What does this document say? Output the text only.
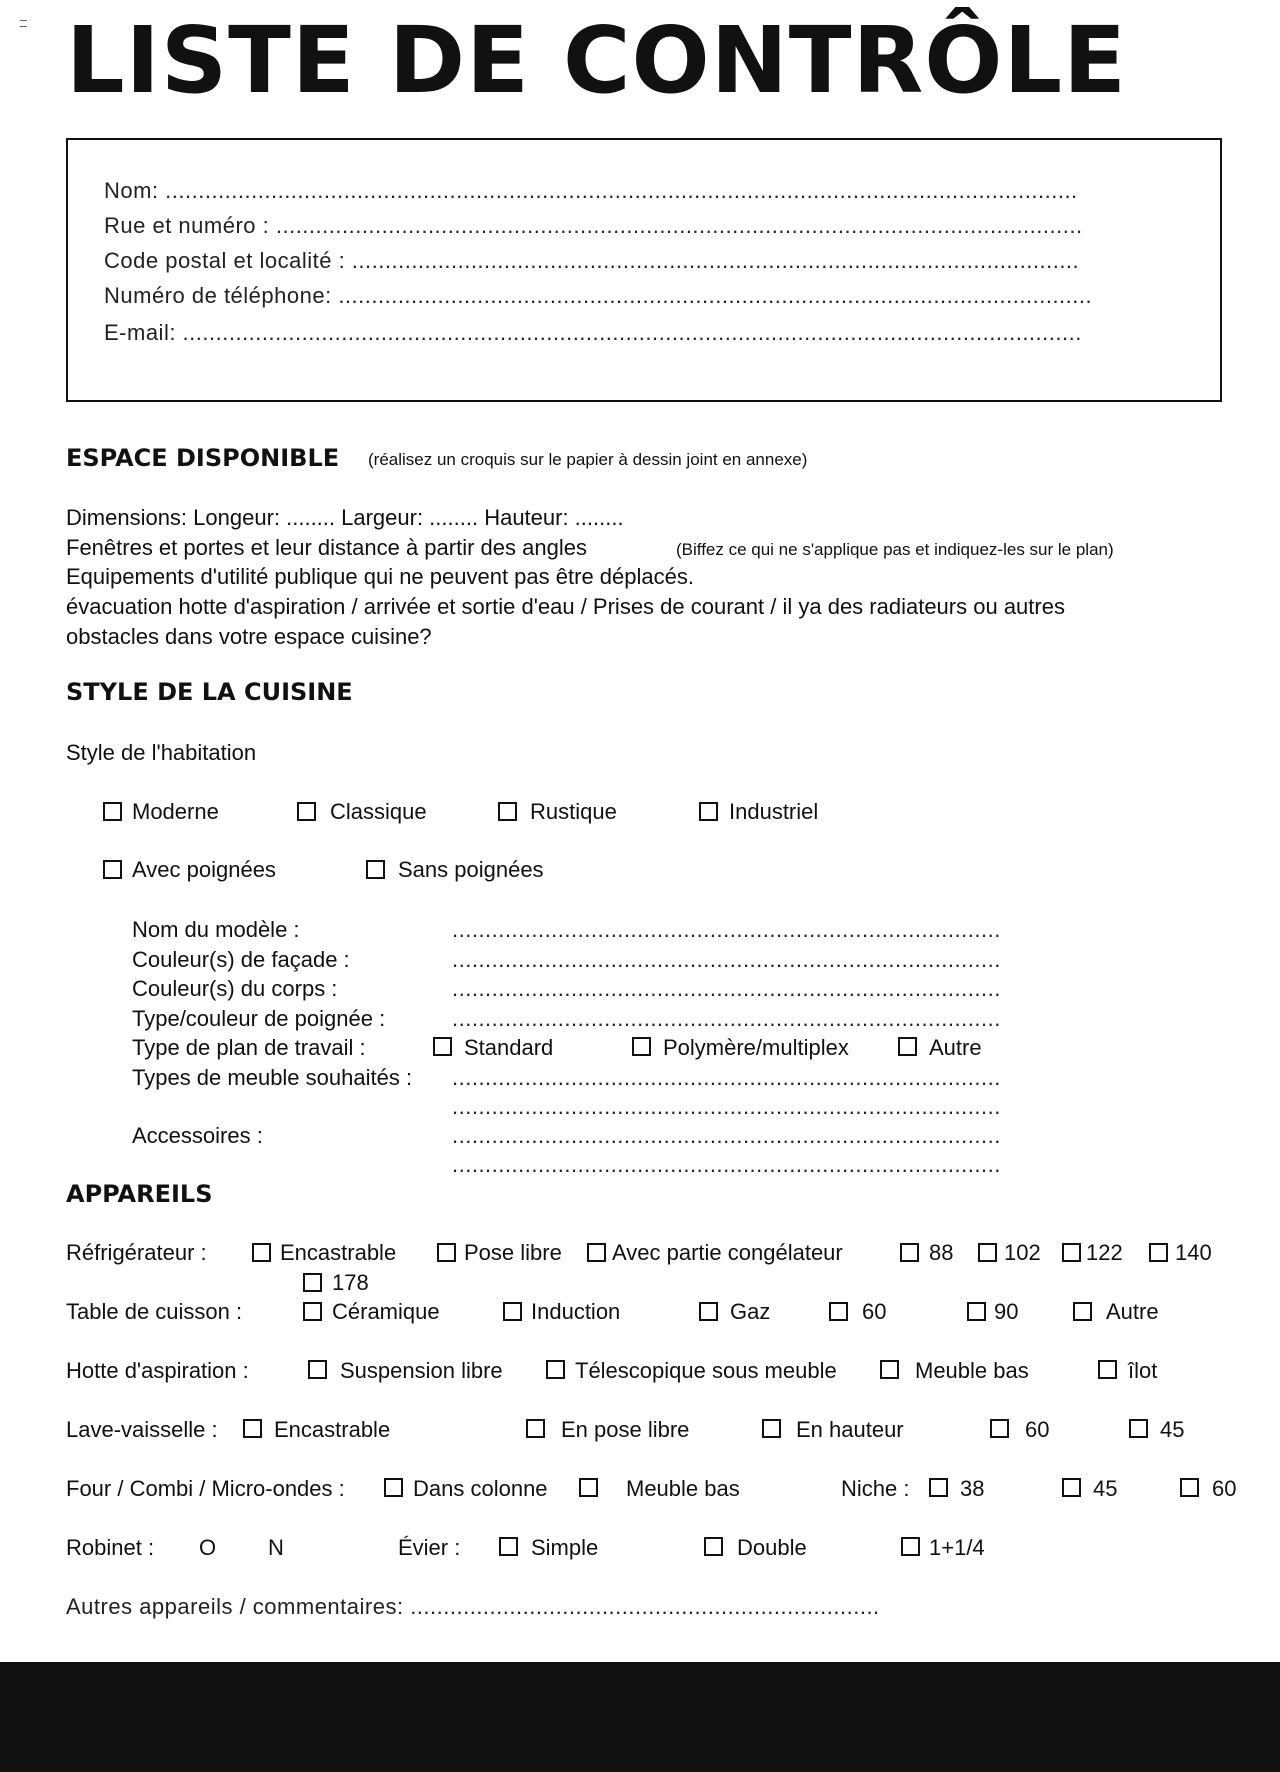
LISTE DE CONTRÔLE
Nom: ..........................................................................................................................................
Rue et numéro : ..........................................................................................................................
Code postal et localité : ..............................................................................................................
Numéro de téléphone: ..................................................................................................................
E-mail: ........................................................................................................................................
ESPACE DISPONIBLE (réalisez un croquis sur le papier à dessin joint en annexe)
Dimensions: Longeur: ........ Largeur: ........ Hauteur: ........
Fenêtres et portes et leur distance à partir des angles	(Biffez ce qui ne s'applique pas et indiquez-les sur le plan)
Equipements d'utilité publique qui ne peuvent pas être déplacés.
évacuation hotte d'aspiration / arrivée et sortie d'eau / Prises de courant / il ya des radiateurs ou autres
obstacles dans votre espace cuisine?
STYLE DE LA CUISINE
Style de l'habitation
Moderne	Classique	Rustique	Industriel
Avec poignées	Sans poignées
Nom du modèle :	...................................................................................
Couleur(s) de façade :	...................................................................................
Couleur(s) du corps :	...................................................................................
Type/couleur de poignée :	...................................................................................
Type de plan de travail :	Standard	Polymère/multiplex	Autre
Types de meuble souhaités : ...................................................................................
...................................................................................
Accessoires :	...................................................................................
...................................................................................
APPAREILS
Réfrigérateur :	Encastrable	Pose libre Avec partie congélateur	88 102 122 140
178
Table de cuisson :	Céramique	Induction	Gaz	60	90	Autre
Hotte d'aspiration :	Suspension libre	Télescopique sous meuble	Meuble bas	îlot
Lave-vaisselle :	Encastrable	En pose libre	En hauteur	60	45
Four / Combi / Micro-ondes :	Dans colonne	Meuble bas	Niche : 38	45	60
Robinet : O N	Évier :	Simple	Double	1+1/4
Autres appareils / commentaires: .......................................................................
